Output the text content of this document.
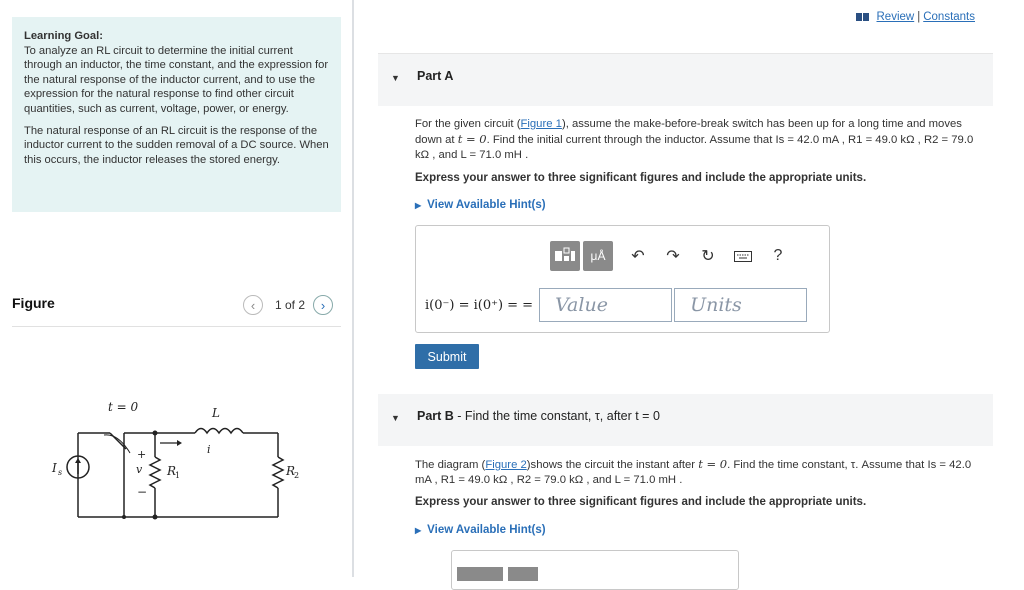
Learning Goal:

To analyze an RL circuit to determine the initial current through an inductor, the time constant, and the expression for the natural response of the inductor current, and to use the expression for the natural response to find other circuit quantities, such as current, voltage, power, or energy.

The natural response of an RL circuit is the response of the inductor current to the sudden removal of a DC source. When this occurs, the inductor releases the stored energy.

Figure	‹	1 of 2	›
t = 0	L
i
v
+
−
I s	R
1	R
2
Review | Constants
▼ Part A
For the given circuit (Figure 1), assume the make-before-break switch has been up for a long time and moves down at t = 0. Find the initial current through the inductor. Assume that Is = 42.0 mA , R1 = 49.0 kΩ , R2 = 79.0 kΩ , and L = 71.0 mH .
Express your answer to three significant figures and include the appropriate units.
▶ View Available Hint(s)
μÅ	↶	↷	↻	?
i(0⁻) = i(0⁺) = =	Value	Units
Submit
▼ Part B - Find the time constant, τ, after t = 0
The diagram (Figure 2)shows the circuit the instant after t = 0. Find the time constant, τ. Assume that Is = 42.0 mA , R1 = 49.0 kΩ , R2 = 79.0 kΩ , and L = 71.0 mH .
Express your answer to three significant figures and include the appropriate units.
▶ View Available Hint(s)
